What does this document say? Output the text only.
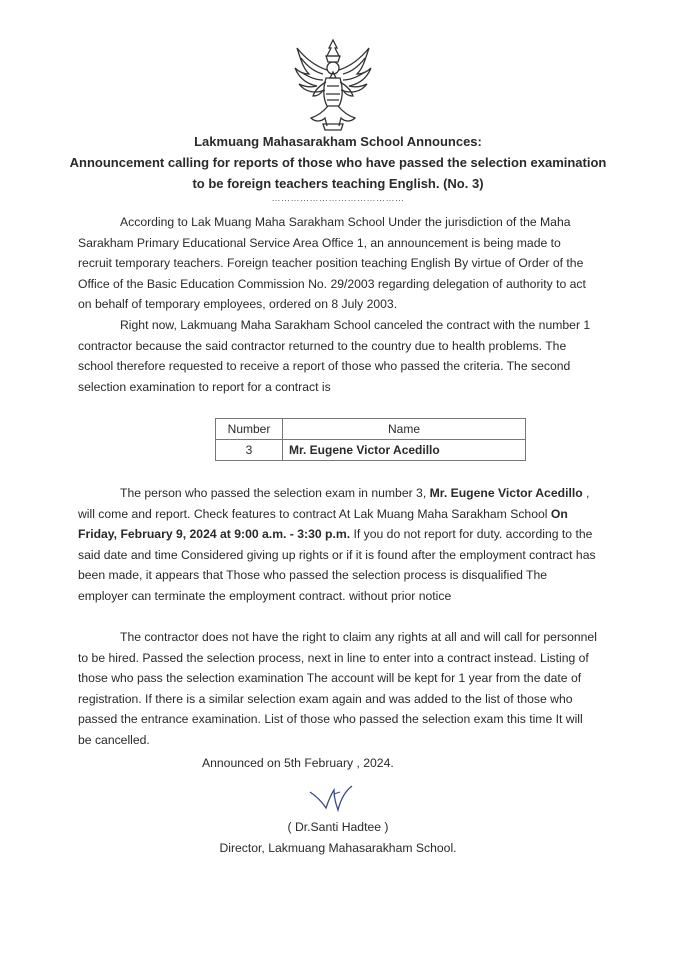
Lakmuang Mahasarakham School Announces:
Announcement calling for reports of those who have passed the selection examination
to be foreign teachers teaching English. (No. 3)
……………………………………

According to Lak Muang Maha Sarakham School Under the jurisdiction of the Maha Sarakham Primary Educational Service Area Office 1, an announcement is being made to recruit temporary teachers. Foreign teacher position teaching English By virtue of Order of the Office of the Basic Education Commission No. 29/2003 regarding delegation of authority to act on behalf of temporary employees, ordered on 8 July 2003.

Right now, Lakmuang Maha Sarakham School canceled the contract with the number 1 contractor because the said contractor returned to the country due to health problems. The school therefore requested to receive a report of those who passed the criteria. The second selection examination to report for a contract is

Number	Name
3	Mr. Eugene Victor Acedillo

The person who passed the selection exam in number 3, Mr. Eugene Victor Acedillo , will come and report. Check features to contract At Lak Muang Maha Sarakham School On Friday, February 9, 2024 at 9:00 a.m. - 3:30 p.m. If you do not report for duty. according to the said date and time Considered giving up rights or if it is found after the employment contract has been made, it appears that Those who passed the selection process is disqualified The employer can terminate the employment contract. without prior notice

The contractor does not have the right to claim any rights at all and will call for personnel to be hired. Passed the selection process, next in line to enter into a contract instead. Listing of those who pass the selection examination The account will be kept for 1 year from the date of registration. If there is a similar selection exam again and was added to the list of those who passed the entrance examination. List of those who passed the selection exam this time It will be cancelled.

Announced on 5th February , 2024.
( Dr.Santi Hadtee )
Director, Lakmuang Mahasarakham School.
